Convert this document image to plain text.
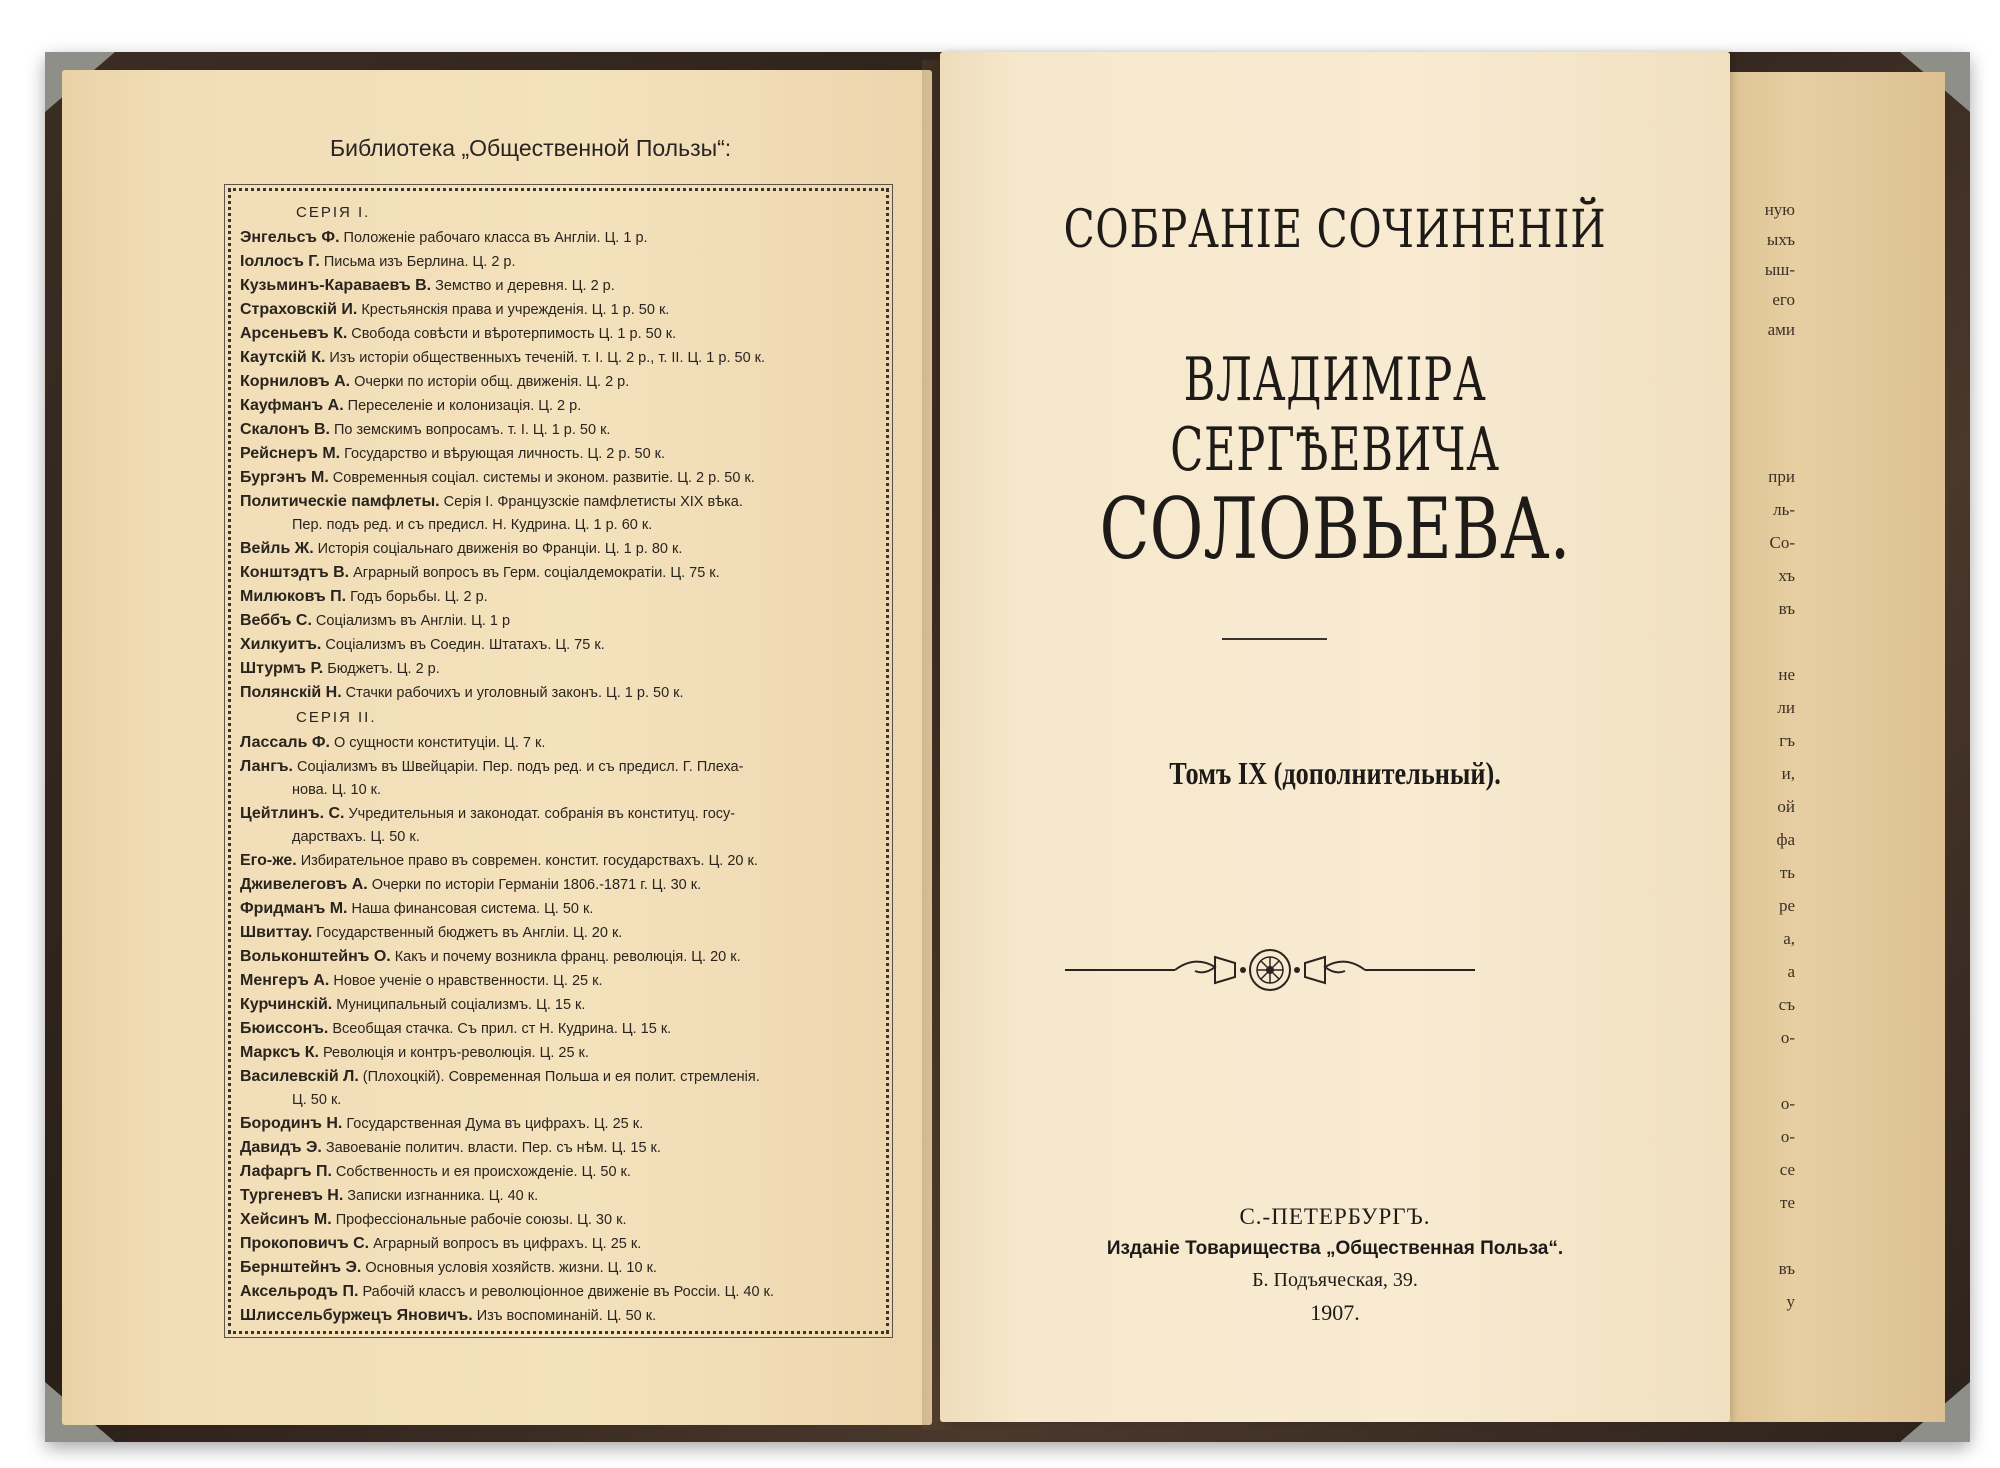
Библиотека „Общественной Пользы“:
СЕРІЯ I.
Энгельсъ Ф. Положеніе рабочаго класса въ Англіи. Ц. 1 р.
Іоллосъ Г. Письма изъ Берлина. Ц. 2 р.
Кузьминъ-Караваевъ В. Земство и деревня. Ц. 2 р.
Страховскій И. Крестьянскія права и учрежденія. Ц. 1 р. 50 к.
Арсеньевъ К. Свобода совѣсти и вѣротерпимость Ц. 1 р. 50 к.
Каутскій К. Изъ исторіи общественныхъ теченій. т. I. Ц. 2 р., т. II. Ц. 1 р. 50 к.
Корниловъ А. Очерки по исторіи общ. движенія. Ц. 2 р.
Кауфманъ А. Переселеніе и колонизація. Ц. 2 р.
Скалонъ В. По земскимъ вопросамъ. т. I. Ц. 1 р. 50 к.
Рейснеръ М. Государство и вѣрующая личность. Ц. 2 р. 50 к.
Бургэнъ М. Современныя соціал. системы и эконом. развитіе. Ц. 2 р. 50 к.
Политическіе памфлеты. Серія I. Французскіе памфлетисты XIX вѣка.
Пер. подъ ред. и съ предисл. Н. Кудрина. Ц. 1 р. 60 к.
Вейль Ж. Исторія соціальнаго движенія во Франціи. Ц. 1 р. 80 к.
Конштэдтъ В. Аграрный вопросъ въ Герм. соціалдемократіи. Ц. 75 к.
Милюковъ П. Годъ борьбы. Ц. 2 р.
Веббъ С. Соціализмъ въ Англіи. Ц. 1 р
Хилкуитъ. Соціализмъ въ Соедин. Штатахъ. Ц. 75 к.
Штурмъ Р. Бюджетъ. Ц. 2 р.
Полянскій Н. Стачки рабочихъ и уголовный законъ. Ц. 1 р. 50 к.
СЕРІЯ II.
Лассаль Ф. О сущности конституціи. Ц. 7 к.
Лангъ. Соціализмъ въ Швейцаріи. Пер. подъ ред. и съ предисл. Г. Плеха-
нова. Ц. 10 к.
Цейтлинъ. С. Учредительныя и законодат. собранія въ конституц. госу-
дарствахъ. Ц. 50 к.
Его-же. Избирательное право въ современ. констит. государствахъ. Ц. 20 к.
Дживелеговъ А. Очерки по исторіи Германіи 1806.-1871 г. Ц. 30 к.
Фридманъ М. Наша финансовая система. Ц. 50 к.
Швиттау. Государственный бюджетъ въ Англіи. Ц. 20 к.
Вольконштейнъ О. Какъ и почему возникла франц. революція. Ц. 20 к.
Менгеръ А. Новое ученіе о нравственности. Ц. 25 к.
Курчинскій. Муниципальный соціализмъ. Ц. 15 к.
Бюиссонъ. Всеобщая стачка. Съ прил. ст Н. Кудрина. Ц. 15 к.
Марксъ К. Революція и контръ-революція. Ц. 25 к.
Василевскій Л. (Плохоцкій). Современная Польша и ея полит. стремленія.
Ц. 50 к.
Бородинъ Н. Государственная Дума въ цифрахъ. Ц. 25 к.
Давидъ Э. Завоеваніе политич. власти. Пер. съ нѣм. Ц. 15 к.
Лафаргъ П. Собственность и ея происхожденіе. Ц. 50 к.
Тургеневъ Н. Записки изгнанника. Ц. 40 к.
Хейсинъ М. Профессіональные рабочіе союзы. Ц. 30 к.
Прокоповичъ С. Аграрный вопросъ въ цифрахъ. Ц. 25 к.
Бернштейнъ Э. Основныя условія хозяйств. жизни. Ц. 10 к.
Аксельродъ П. Рабочій классъ и революціонное движеніе въ Россіи. Ц. 40 к.
Шлиссельбуржецъ Яновичъ. Изъ воспоминаній. Ц. 50 к.
СОБРАНІЕ СОЧИНЕНІЙ
ВЛАДИМІРА СЕРГѢЕВИЧА
СОЛОВЬЕВА.
Томъ IX (дополнительный).
С.-ПЕТЕРБУРГЪ.
Изданіе Товарищества „Общественная Польза“.
Б. Подъяческая, 39.
1907.
ную
ыхъ
ыш-
его
ами
при
ль-
Со-
хъ
въ

не
ли
гъ
и,
ой
фа
ть
ре
а,
а
съ
о-

о-
о-
се
те

въ
у
